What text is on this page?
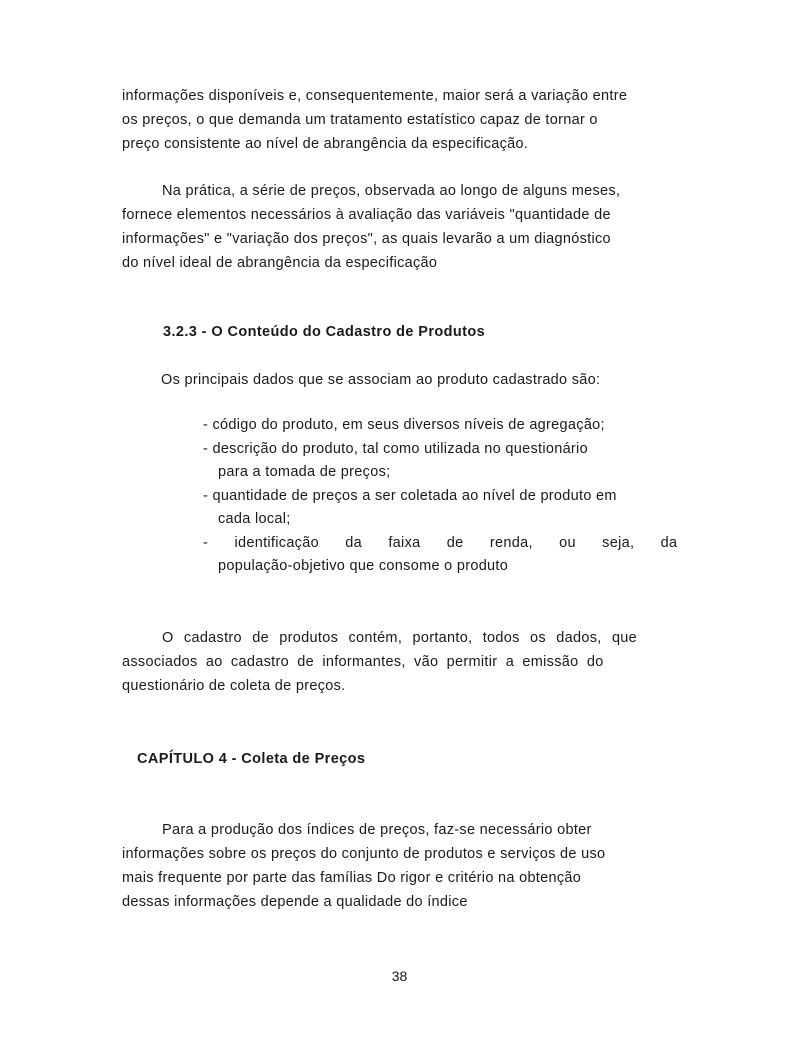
informações disponíveis e, consequentemente, maior será a variação entre
os preços, o que demanda um tratamento estatístico capaz de tornar o
preço consistente ao nível de abrangência da especificação.
Na prática, a série de preços, observada ao longo de alguns meses,
fornece elementos necessários à avaliação das variáveis "quantidade de
informações" e "variação dos preços", as quais levarão a um diagnóstico
do nível ideal de abrangência da especificação
3.2.3 - O Conteúdo do Cadastro de Produtos
Os principais dados que se associam ao produto cadastrado são:
- código do produto, em seus diversos níveis de agregação;
- descrição do produto, tal como utilizada no questionário
para a tomada de preços;
- quantidade de preços a ser coletada ao nível de produto em
cada local;
- identificação da faixa de renda, ou seja, da
população-objetivo que consome o produto
O cadastro de produtos contém, portanto, todos os dados, que
associados ao cadastro de informantes, vão permitir a emissão do
questionário de coleta de preços.
CAPÍTULO 4 - Coleta de Preços
Para a produção dos índices de preços, faz-se necessário obter
informações sobre os preços do conjunto de produtos e serviços de uso
mais frequente por parte das famílias Do rigor e critério na obtenção
dessas informações depende a qualidade do índice
38
